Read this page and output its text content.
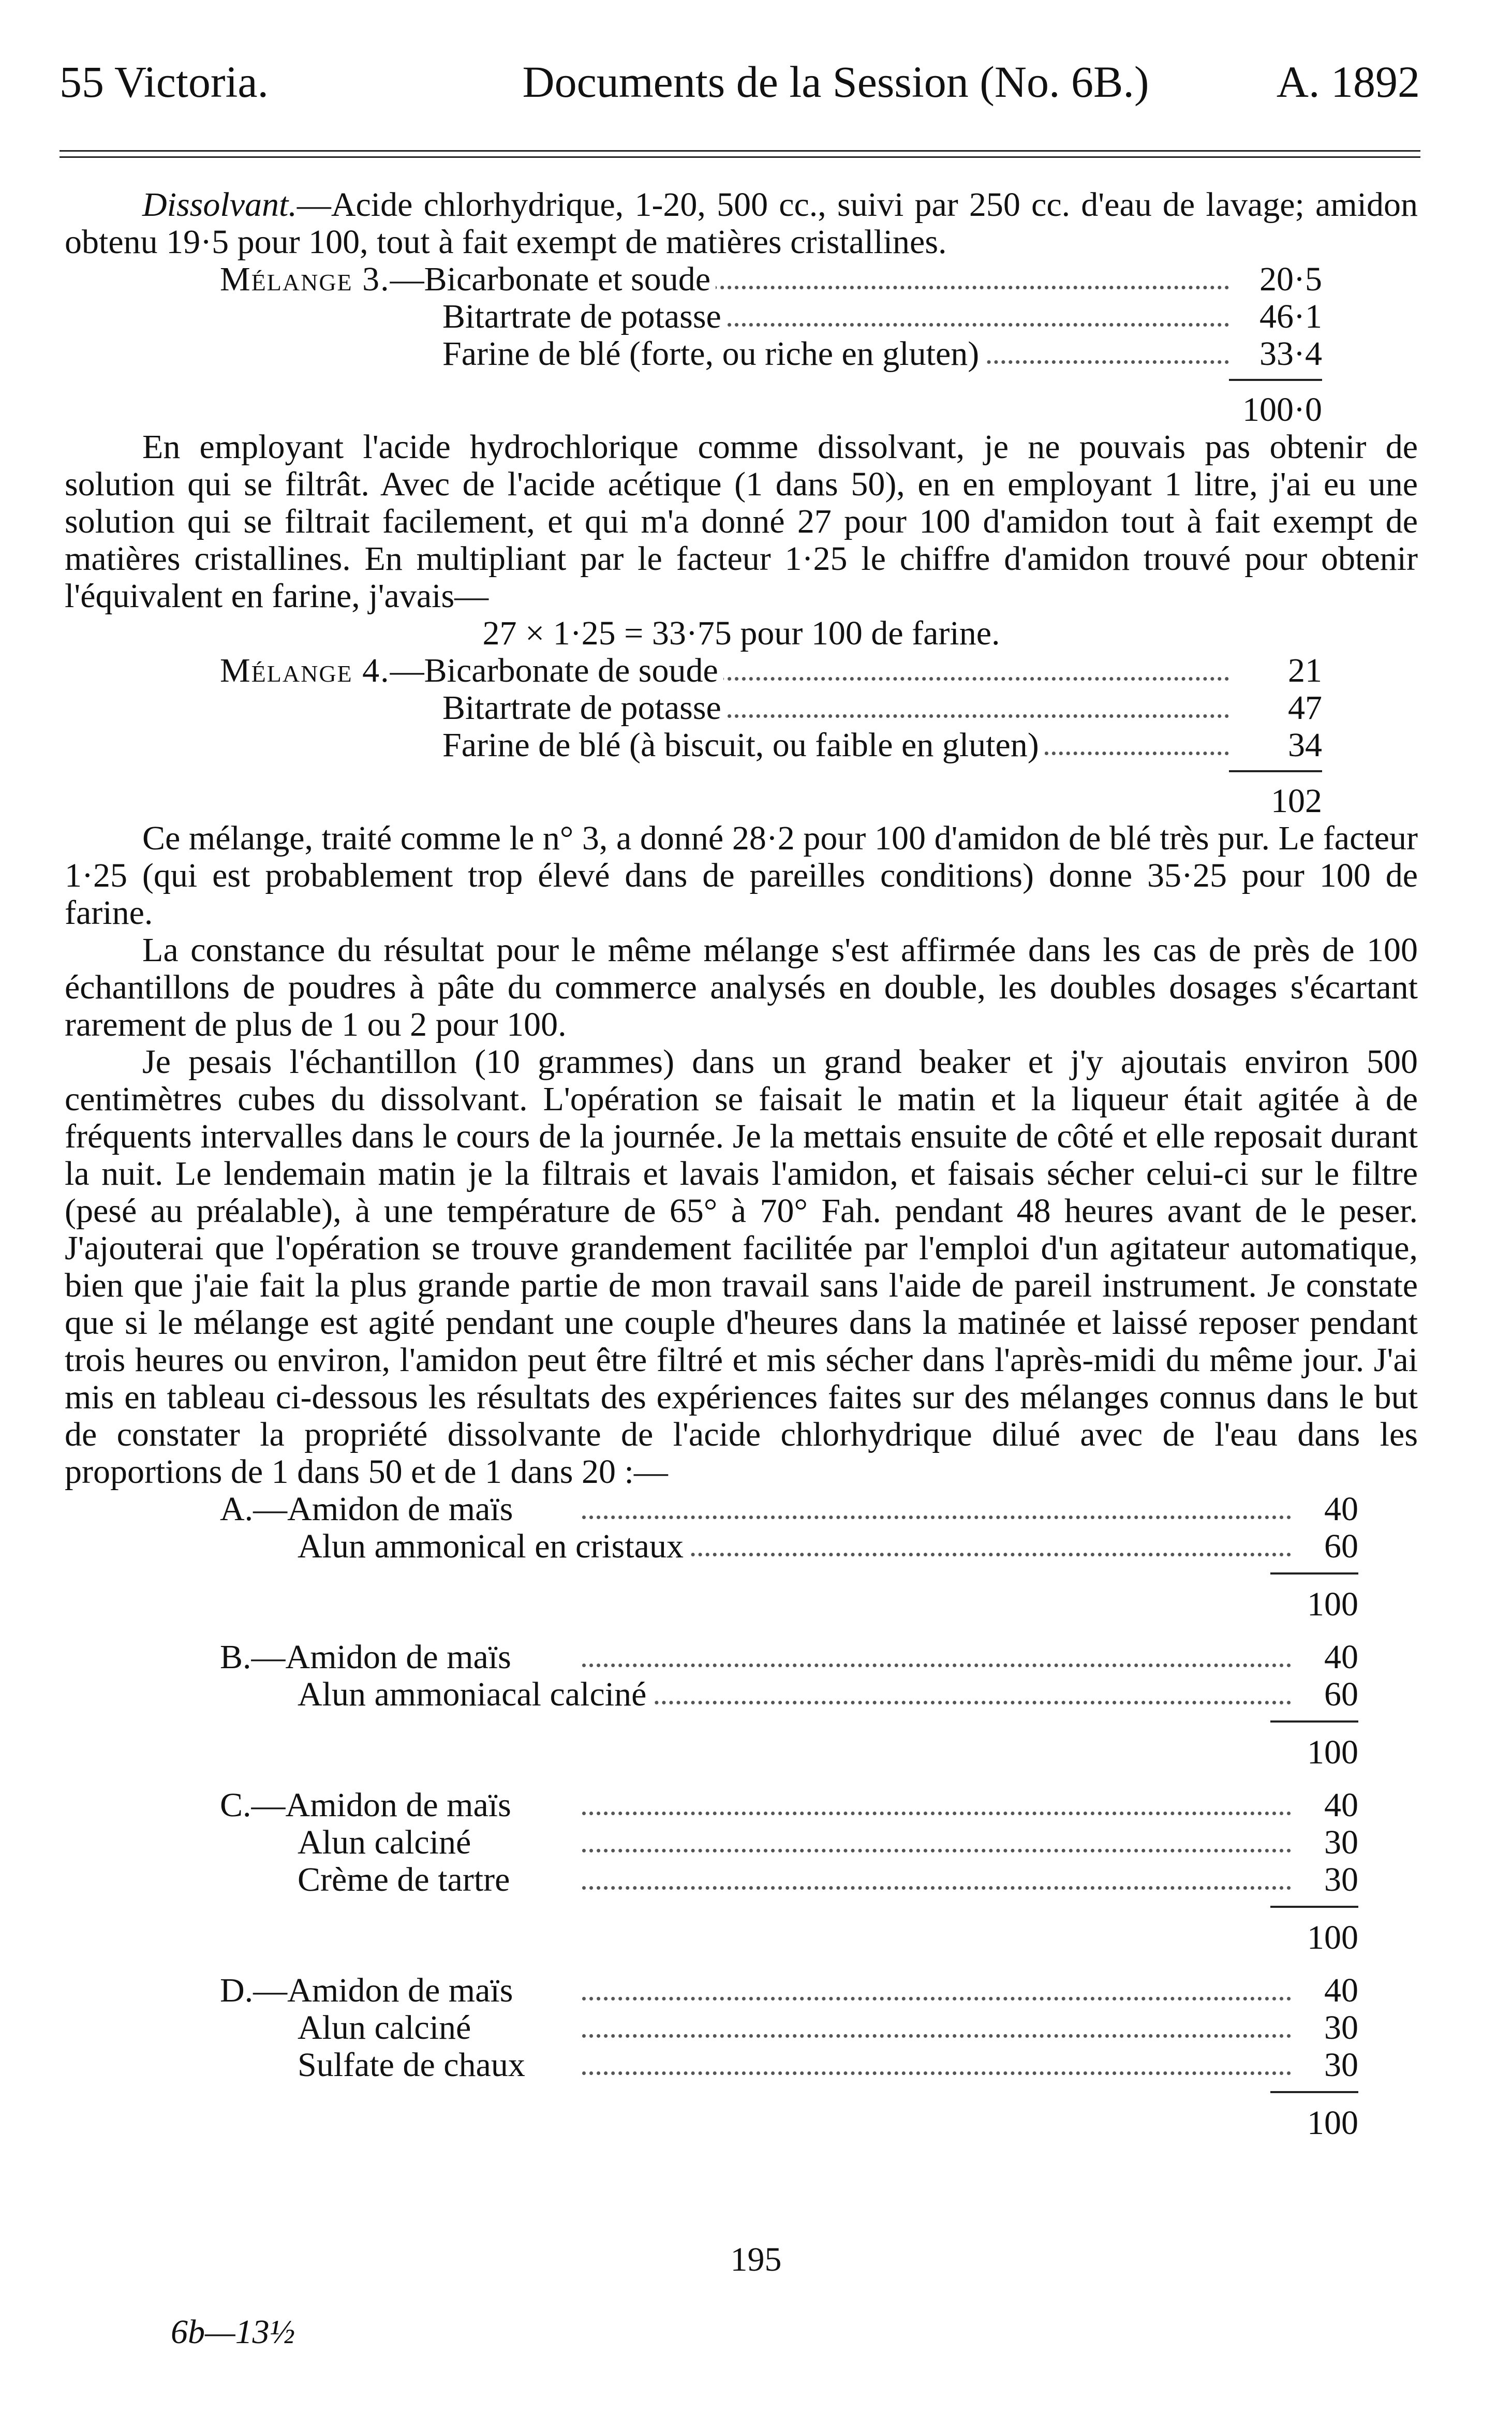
55 Victoria.	Documents de la Session (No. 6B.)	A. 1892

Dissolvant.—Acide chlorhydrique, 1-20, 500 cc., suivi par 250 cc. d'eau de lavage; amidon obtenu 19·5 pour 100, tout à fait exempt de matières cristallines.

Mélange 3.—Bicarbonate et soude	20·5
Bitartrate de potasse	46·1
Farine de blé (forte, ou riche en gluten)	33·4
100·0

En employant l'acide hydrochlorique comme dissolvant, je ne pouvais pas obtenir de solution qui se filtrât. Avec de l'acide acétique (1 dans 50), en en employant 1 litre, j'ai eu une solution qui se filtrait facilement, et qui m'a donné 27 pour 100 d'amidon tout à fait exempt de matières cristallines. En multipliant par le facteur 1·25 le chiffre d'amidon trouvé pour obtenir l'équivalent en farine, j'avais—

27 × 1·25 = 33·75 pour 100 de farine.

Mélange 4.—Bicarbonate de soude	21
Bitartrate de potasse	47
Farine de blé (à biscuit, ou faible en gluten)	34
102

Ce mélange, traité comme le n° 3, a donné 28·2 pour 100 d'amidon de blé très pur. Le facteur 1·25 (qui est probablement trop élevé dans de pareilles conditions) donne 35·25 pour 100 de farine.

La constance du résultat pour le même mélange s'est affirmée dans les cas de près de 100 échantillons de poudres à pâte du commerce analysés en double, les doubles dosages s'écartant rarement de plus de 1 ou 2 pour 100.

Je pesais l'échantillon (10 grammes) dans un grand beaker et j'y ajoutais environ 500 centimètres cubes du dissolvant. L'opération se faisait le matin et la liqueur était agitée à de fréquents intervalles dans le cours de la journée. Je la mettais ensuite de côté et elle reposait durant la nuit. Le lendemain matin je la filtrais et lavais l'amidon, et faisais sécher celui-ci sur le filtre (pesé au préalable), à une température de 65° à 70° Fah. pendant 48 heures avant de le peser. J'ajouterai que l'opération se trouve grandement facilitée par l'emploi d'un agitateur automatique, bien que j'aie fait la plus grande partie de mon travail sans l'aide de pareil instrument. Je constate que si le mélange est agité pendant une couple d'heures dans la matinée et laissé reposer pendant trois heures ou environ, l'amidon peut être filtré et mis sécher dans l'après-midi du même jour. J'ai mis en tableau ci-dessous les résultats des expériences faites sur des mélanges connus dans le but de constater la propriété dissolvante de l'acide chlorhydrique dilué avec de l'eau dans les proportions de 1 dans 50 et de 1 dans 20 :—

A.—Amidon de maïs	40
Alun ammonical en cristaux	60
100
B.—Amidon de maïs	40
Alun ammoniacal calciné	60
100
C.—Amidon de maïs	40
Alun calciné	30
Crème de tartre	30
100
D.—Amidon de maïs	40
Alun calciné	30
Sulfate de chaux	30
100
195
6b—13½
